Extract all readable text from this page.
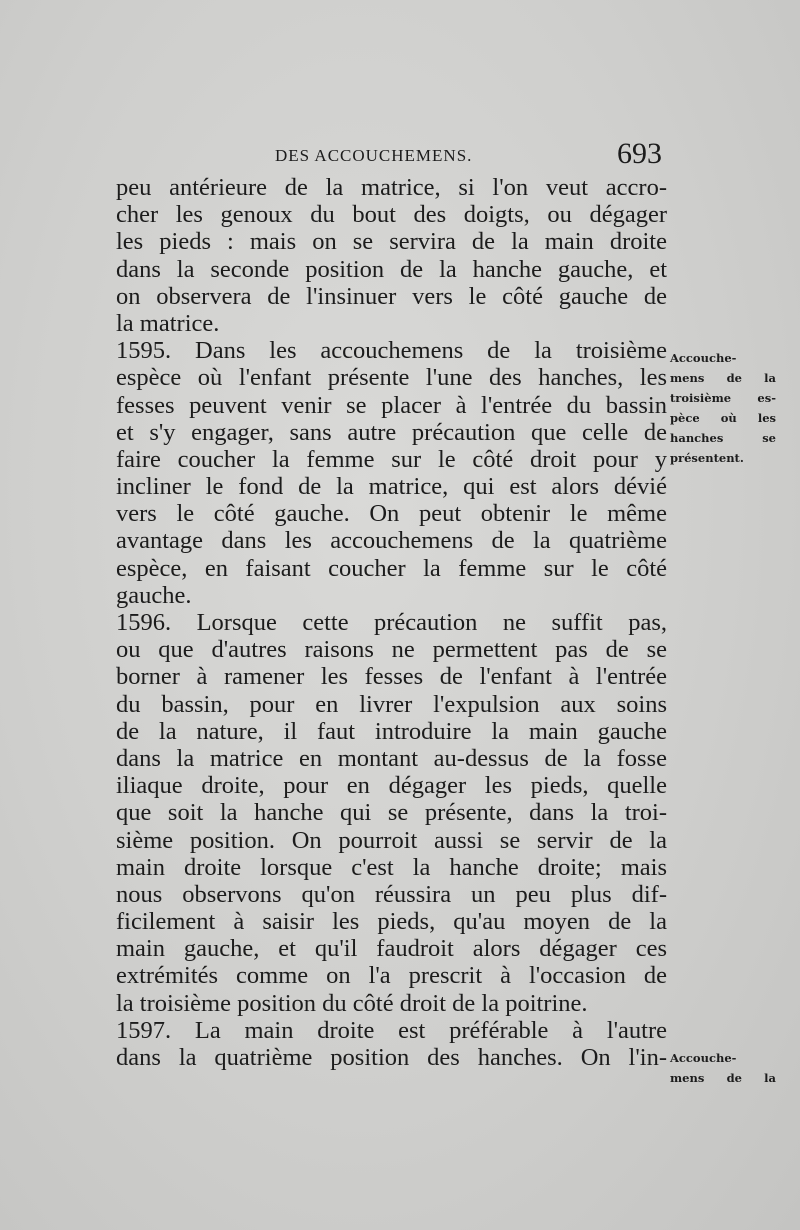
DES ACCOUCHEMENS.	693
peu antérieure de la matrice, si l'on veut accro-
cher les genoux du bout des doigts, ou dégager
les pieds : mais on se servira de la main droite
dans la seconde position de la hanche gauche, et
on observera de l'insinuer vers le côté gauche de
la matrice.
1595. Dans les accouchemens de la troisième
espèce où l'enfant présente l'une des hanches, les
fesses peuvent venir se placer à l'entrée du bassin
et s'y engager, sans autre précaution que celle de
faire coucher la femme sur le côté droit pour y
incliner le fond de la matrice, qui est alors dévié
vers le côté gauche. On peut obtenir le même
avantage dans les accouchemens de la quatrième
espèce, en faisant coucher la femme sur le côté
gauche.
1596. Lorsque cette précaution ne suffit pas,
ou que d'autres raisons ne permettent pas de se
borner à ramener les fesses de l'enfant à l'entrée
du bassin, pour en livrer l'expulsion aux soins
de la nature, il faut introduire la main gauche
dans la matrice en montant au-dessus de la fosse
iliaque droite, pour en dégager les pieds, quelle
que soit la hanche qui se présente, dans la troi-
sième position. On pourroit aussi se servir de la
main droite lorsque c'est la hanche droite; mais
nous observons qu'on réussira un peu plus dif-
ficilement à saisir les pieds, qu'au moyen de la
main gauche, et qu'il faudroit alors dégager ces
extrémités comme on l'a prescrit à l'occasion de
la troisième position du côté droit de la poitrine.
1597. La main droite est préférable à l'autre
dans la quatrième position des hanches. On l'in-
Accouche-
mens de la
troisième es-
pèce où les
hanches se
présentent.
Accouche-
mens de la
